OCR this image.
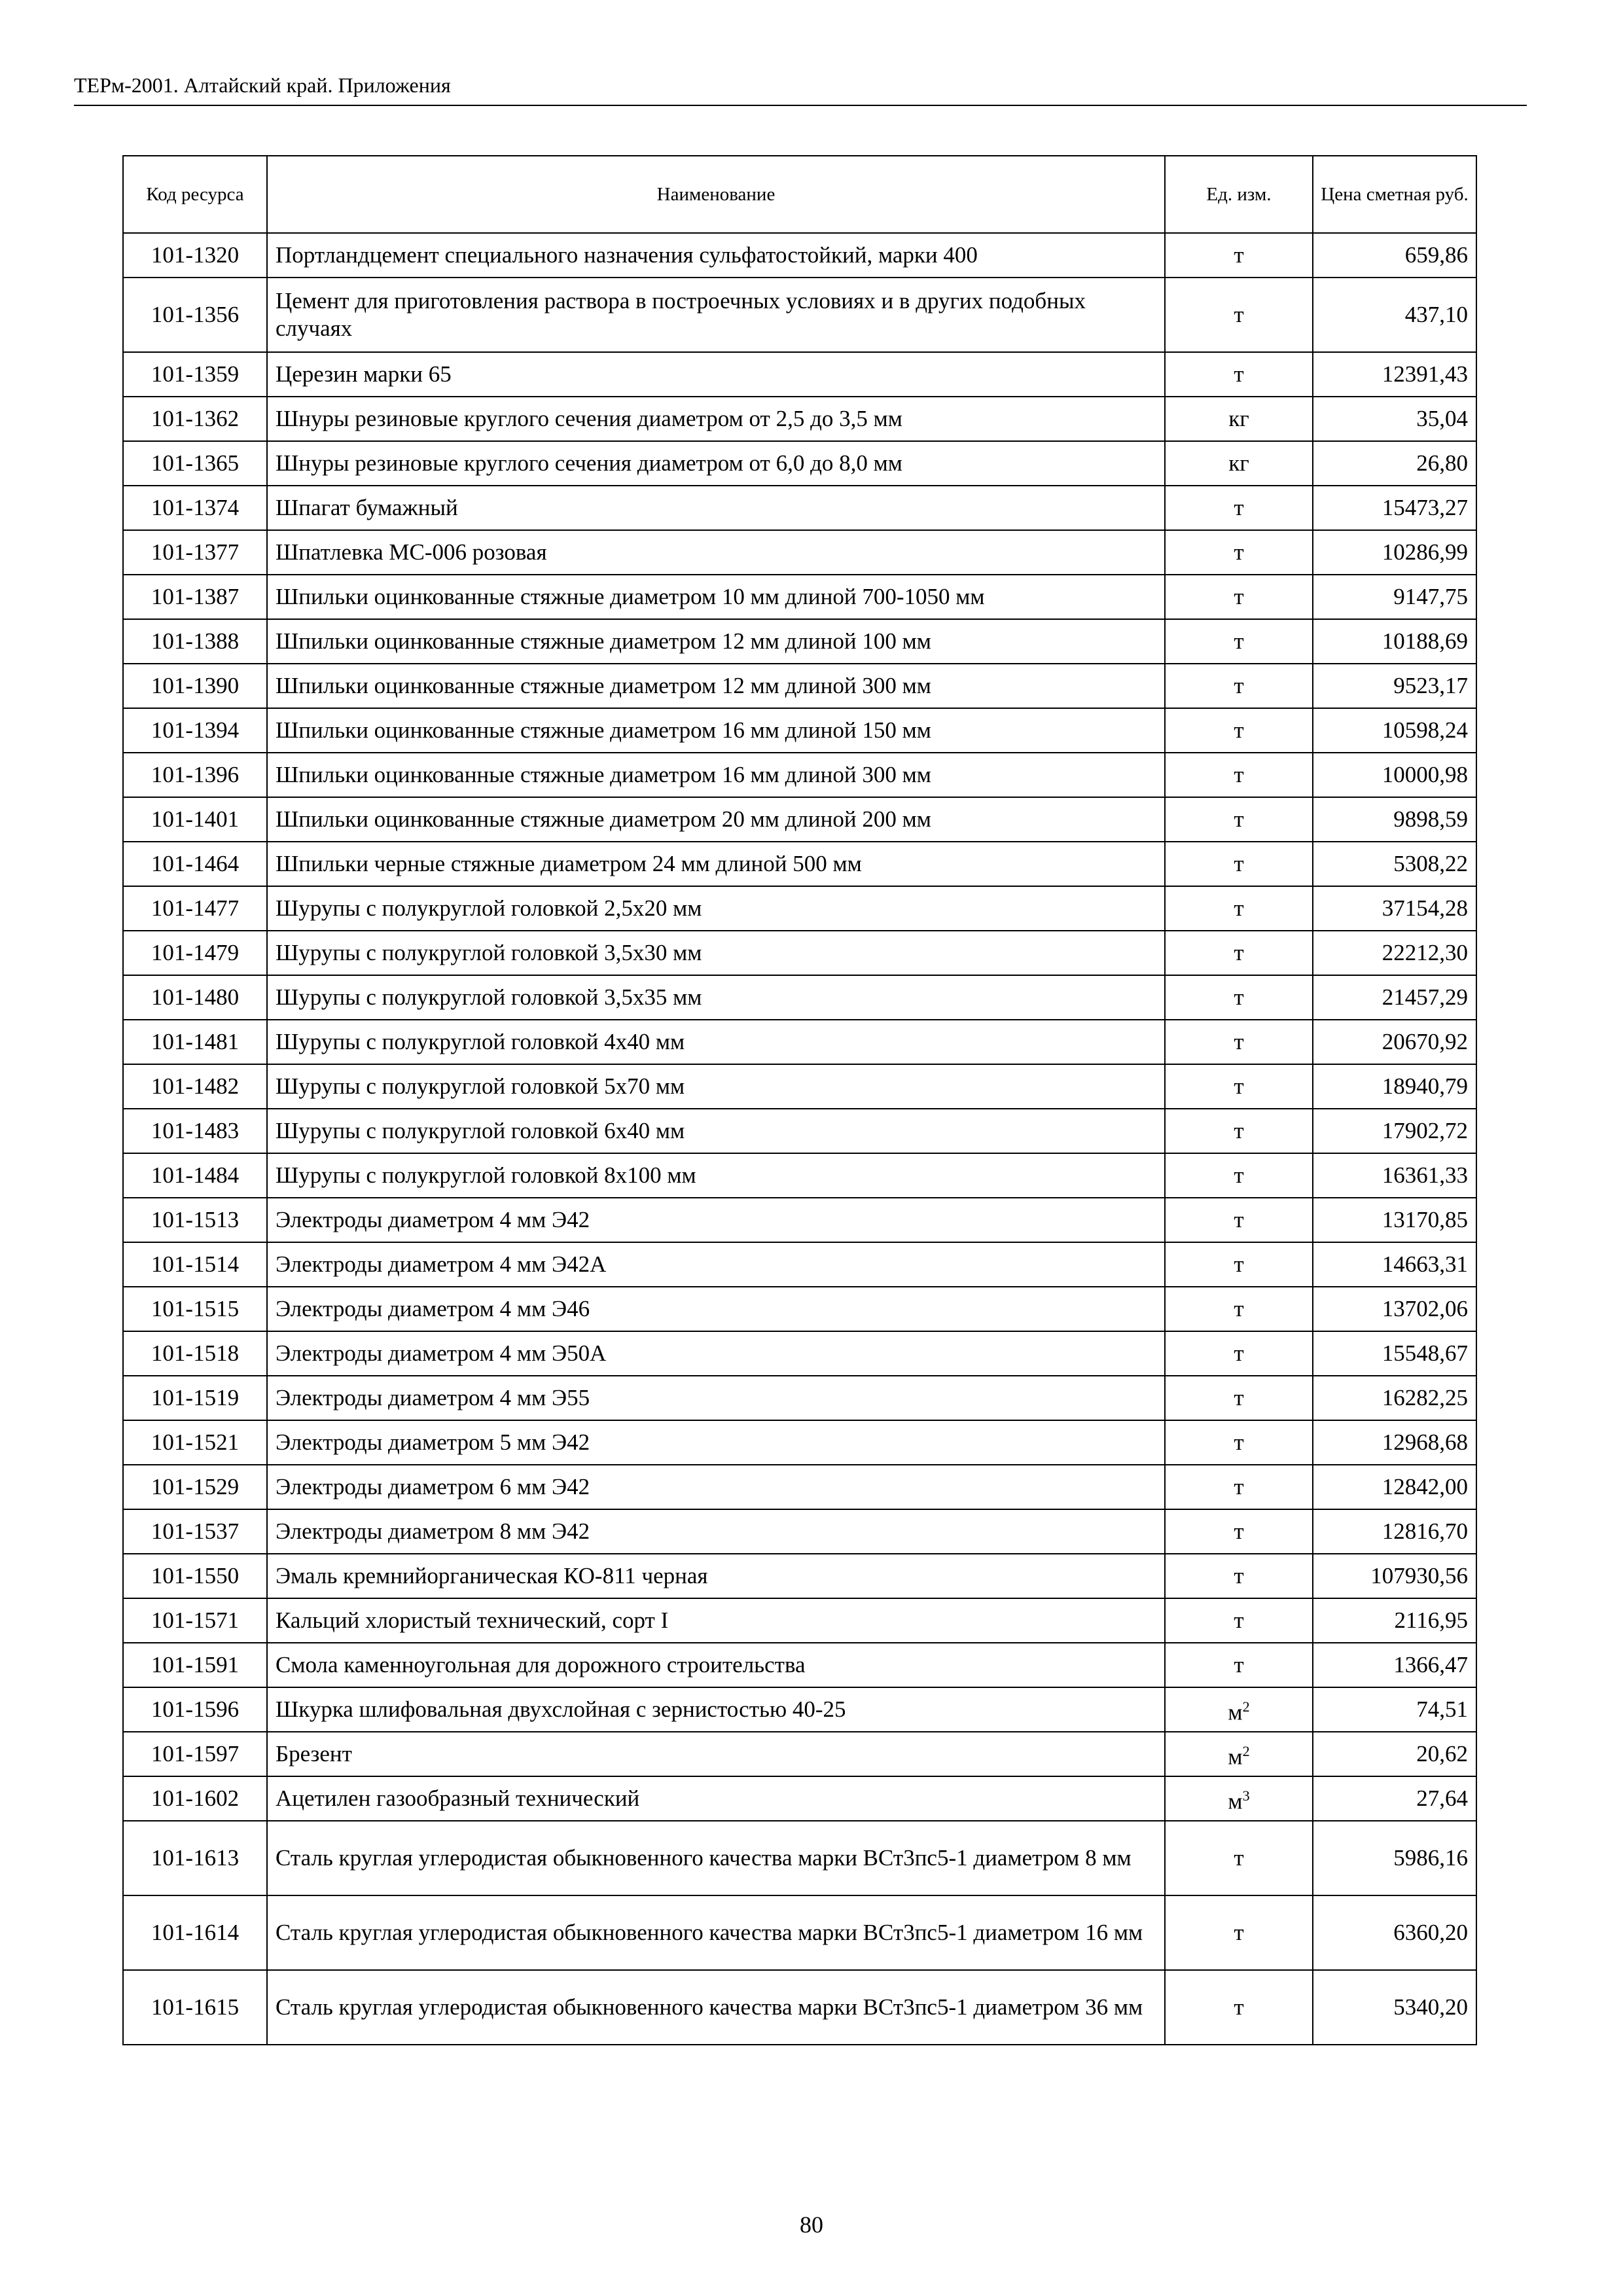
ТЕРм-2001. Алтайский край. Приложения
Код ресурса	Наименование	Ед. изм.	Цена сметная руб.
101-1320	Портландцемент специального назначения сульфатостойкий, марки 400	т	659,86
101-1356	Цемент для приготовления раствора в построечных условиях и в других подобных случаях	т	437,10
101-1359	Церезин марки 65	т	12391,43
101-1362	Шнуры резиновые круглого сечения диаметром от 2,5 до 3,5 мм	кг	35,04
101-1365	Шнуры резиновые круглого сечения диаметром от 6,0 до 8,0 мм	кг	26,80
101-1374	Шпагат бумажный	т	15473,27
101-1377	Шпатлевка МС-006 розовая	т	10286,99
101-1387	Шпильки оцинкованные стяжные диаметром 10 мм длиной 700-1050 мм	т	9147,75
101-1388	Шпильки оцинкованные стяжные диаметром 12 мм длиной 100 мм	т	10188,69
101-1390	Шпильки оцинкованные стяжные диаметром 12 мм длиной 300 мм	т	9523,17
101-1394	Шпильки оцинкованные стяжные диаметром 16 мм длиной 150 мм	т	10598,24
101-1396	Шпильки оцинкованные стяжные диаметром 16 мм длиной 300 мм	т	10000,98
101-1401	Шпильки оцинкованные стяжные диаметром 20 мм длиной 200 мм	т	9898,59
101-1464	Шпильки черные стяжные диаметром 24 мм длиной 500 мм	т	5308,22
101-1477	Шурупы с полукруглой головкой 2,5х20 мм	т	37154,28
101-1479	Шурупы с полукруглой головкой 3,5х30 мм	т	22212,30
101-1480	Шурупы с полукруглой головкой 3,5х35 мм	т	21457,29
101-1481	Шурупы с полукруглой головкой 4х40 мм	т	20670,92
101-1482	Шурупы с полукруглой головкой 5х70 мм	т	18940,79
101-1483	Шурупы с полукруглой головкой 6х40 мм	т	17902,72
101-1484	Шурупы с полукруглой головкой 8х100 мм	т	16361,33
101-1513	Электроды диаметром 4 мм Э42	т	13170,85
101-1514	Электроды диаметром 4 мм Э42А	т	14663,31
101-1515	Электроды диаметром 4 мм Э46	т	13702,06
101-1518	Электроды диаметром 4 мм Э50А	т	15548,67
101-1519	Электроды диаметром 4 мм Э55	т	16282,25
101-1521	Электроды диаметром 5 мм Э42	т	12968,68
101-1529	Электроды диаметром 6 мм Э42	т	12842,00
101-1537	Электроды диаметром 8 мм Э42	т	12816,70
101-1550	Эмаль кремнийорганическая КО-811 черная	т	107930,56
101-1571	Кальций хлористый технический, сорт I	т	2116,95
101-1591	Смола каменноугольная для дорожного строительства	т	1366,47
101-1596	Шкурка шлифовальная двухслойная с зернистостью 40-25	$м^2$	74,51
101-1597	Брезент	$м^2$	20,62
101-1602	Ацетилен газообразный технический	$м^3$	27,64
101-1613	Сталь круглая углеродистая обыкновенного качества марки ВСт3пс5-1 диаметром 8 мм	т	5986,16
101-1614	Сталь круглая углеродистая обыкновенного качества марки ВСт3пс5-1 диаметром 16 мм	т	6360,20
101-1615	Сталь круглая углеродистая обыкновенного качества марки ВСт3пс5-1 диаметром 36 мм	т	5340,20
80
